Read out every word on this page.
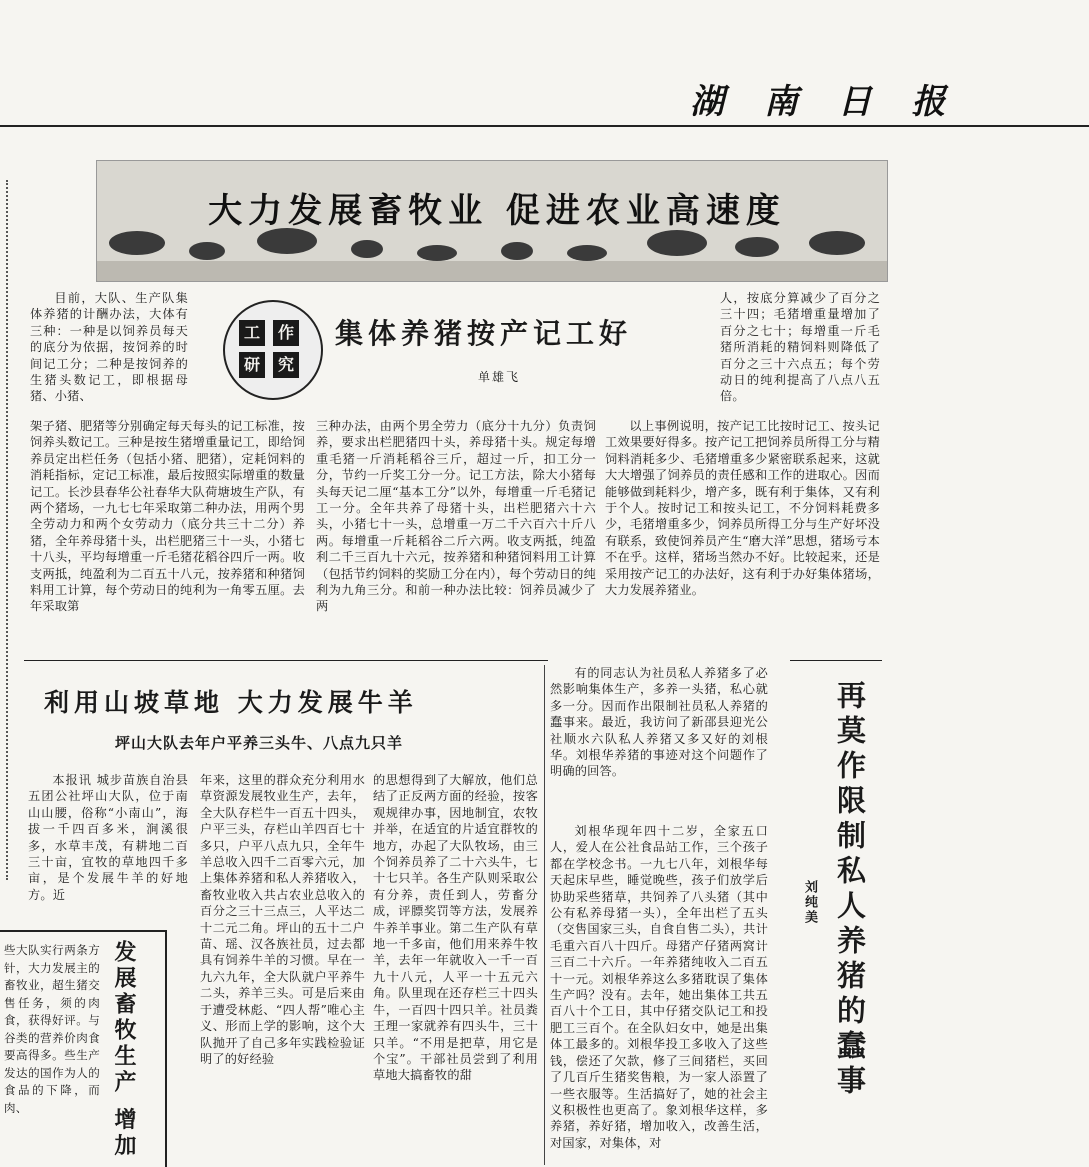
湖 南 日 报
大力发展畜牧业 促进农业高速度
工	作
研	究
集体养猪按产记工好
单雄飞

目前，大队、生产队集体养猪的计酬办法，大体有三种：一种是以饲养员每天的底分为依据，按饲养的时间记工分；二种是按饲养的生猪头数记工，即根据母猪、小猪、

架子猪、肥猪等分别确定每天每头的记工标准，按饲养头数记工。三种是按生猪增重量记工，即给饲养员定出栏任务（包括小猪、肥猪），定耗饲料的消耗指标，定记工标准，最后按照实际增重的数量记工。长沙县春华公社春华大队荷塘坡生产队，有两个猪场，一九七七年采取第二种办法，用两个男全劳动力和两个女劳动力（底分共三十二分）养猪，全年养母猪十头，出栏肥猪三十一头，小猪七十八头，平均每增重一斤毛猪花稻谷四斤一两。收支两抵，纯盈利为二百五十八元，按养猪和种猪饲料用工计算，每个劳动日的纯利为一角零五厘。去年采取第

三种办法，由两个男全劳力（底分十九分）负责饲养，要求出栏肥猪四十头，养母猪十头。规定每增重毛猪一斤消耗稻谷三斤，超过一斤，扣工分一分，节约一斤奖工分一分。记工方法，除大小猪每头每天记二厘“基本工分”以外，每增重一斤毛猪记工一分。全年共养了母猪十头，出栏肥猪六十六头，小猪七十一头，总增重一万二千六百六十斤八两。每增重一斤耗稻谷二斤六两。收支两抵，纯盈利二千三百九十六元，按养猪和种猪饲料用工计算（包括节约饲料的奖励工分在内），每个劳动日的纯利为九角三分。和前一种办法比较：饲养员减少了两

人，按底分算减少了百分之三十四；毛猪增重量增加了百分之七十；每增重一斤毛猪所消耗的精饲料则降低了百分之三十六点五；每个劳动日的纯利提高了八点八五倍。

以上事例说明，按产记工比按时记工、按头记工效果要好得多。按产记工把饲养员所得工分与精饲料消耗多少、毛猪增重多少紧密联系起来，这就大大增强了饲养员的责任感和工作的进取心。因而能够做到耗料少，增产多，既有利于集体，又有利于个人。按时记工和按头记工，不分饲料耗费多少，毛猪增重多少，饲养员所得工分与生产好坏没有联系，致使饲养员产生“磨大洋”思想，猪场亏本不在乎。这样，猪场当然办不好。比较起来，还是采用按产记工的办法好，这有利于办好集体猪场，大力发展养猪业。

利用山坡草地 大力发展牛羊
坪山大队去年户平养三头牛、八点九只羊

本报讯 城步苗族自治县五团公社坪山大队，位于南山山腰，俗称“小南山”，海拔一千四百多米，涧溪很多，水草丰茂，有耕地二百三十亩，宜牧的草地四千多亩，是个发展牛羊的好地方。近

年来，这里的群众充分利用水草资源发展牧业生产，去年，全大队存栏牛一百五十四头，户平三头，存栏山羊四百七十多只，户平八点九只，全年牛羊总收入四千二百零六元，加上集体养猪和私人养猪收入，畜牧业收入共占农业总收入的百分之三十三点三，人平达二十二元二角。坪山的五十二户苗、瑶、汉各族社员，过去都具有饲养牛羊的习惯。早在一九六九年，全大队就户平养牛二头，养羊三头。可是后来由于遭受林彪、“四人帮”唯心主义、形而上学的影响，这个大队抛开了自己多年实践检验证明了的好经验

的思想得到了大解放，他们总结了正反两方面的经验，按客观规律办事，因地制宜，农牧并举，在适宜的片适宜群牧的地方，办起了大队牧场，由三个饲养员养了二十六头牛，七十七只羊。各生产队则采取公有分养，责任到人，劳畜分成，评膘奖罚等方法，发展养牛养羊事业。第二生产队有草地一千多亩，他们用来养牛牧羊，去年一年就收入一千一百九十八元，人平一十五元六角。队里现在还存栏三十四头牛，一百四十四只羊。社员粪王理一家就养有四头牛，三十只羊。“不用是把草，用它是个宝”。干部社员尝到了利用草地大搞畜牧的甜

有的同志认为社员私人养猪多了必然影响集体生产，多养一头猪，私心就多一分。因而作出限制社员私人养猪的蠢事来。最近，我访问了新邵县迎光公社顺水六队私人养猪又多又好的刘根华。刘根华养猪的事迹对这个问题作了明确的回答。

刘根华现年四十二岁，全家五口人，爱人在公社食品站工作，三个孩子都在学校念书。一九七八年，刘根华每天起床早些，睡觉晚些，孩子们放学后协助采些猪草，共饲养了八头猪（其中公有私养母猪一头），全年出栏了五头（交售国家三头，自食自售二头），共计毛重六百八十四斤。母猪产仔猪两窝计三百二十六斤。一年养猪纯收入二百五十一元。刘根华养这么多猪耽误了集体生产吗？没有。去年，她出集体工共五百八十个工日，其中仔猪交队记工和投肥工三百个。在全队妇女中，她是出集体工最多的。刘根华投工多收入了这些钱，偿还了欠款，修了三间猪栏，买回了几百斤生猪奖售粮，为一家人添置了一些衣服等。生活搞好了，她的社会主义积极性也更高了。象刘根华这样，多养猪，养好猪，增加收入，改善生活，对国家，对集体，对

再莫作限制私人养猪的蠢事
刘纯美

些大队实行两条方针，大力发展主的畜牧业，超生猪交售任务，须的肉食，获得好评。与谷类的营养价肉食要高得多。些生产发达的国作为人的食品的下降，而肉、	发展畜牧生产 增加
